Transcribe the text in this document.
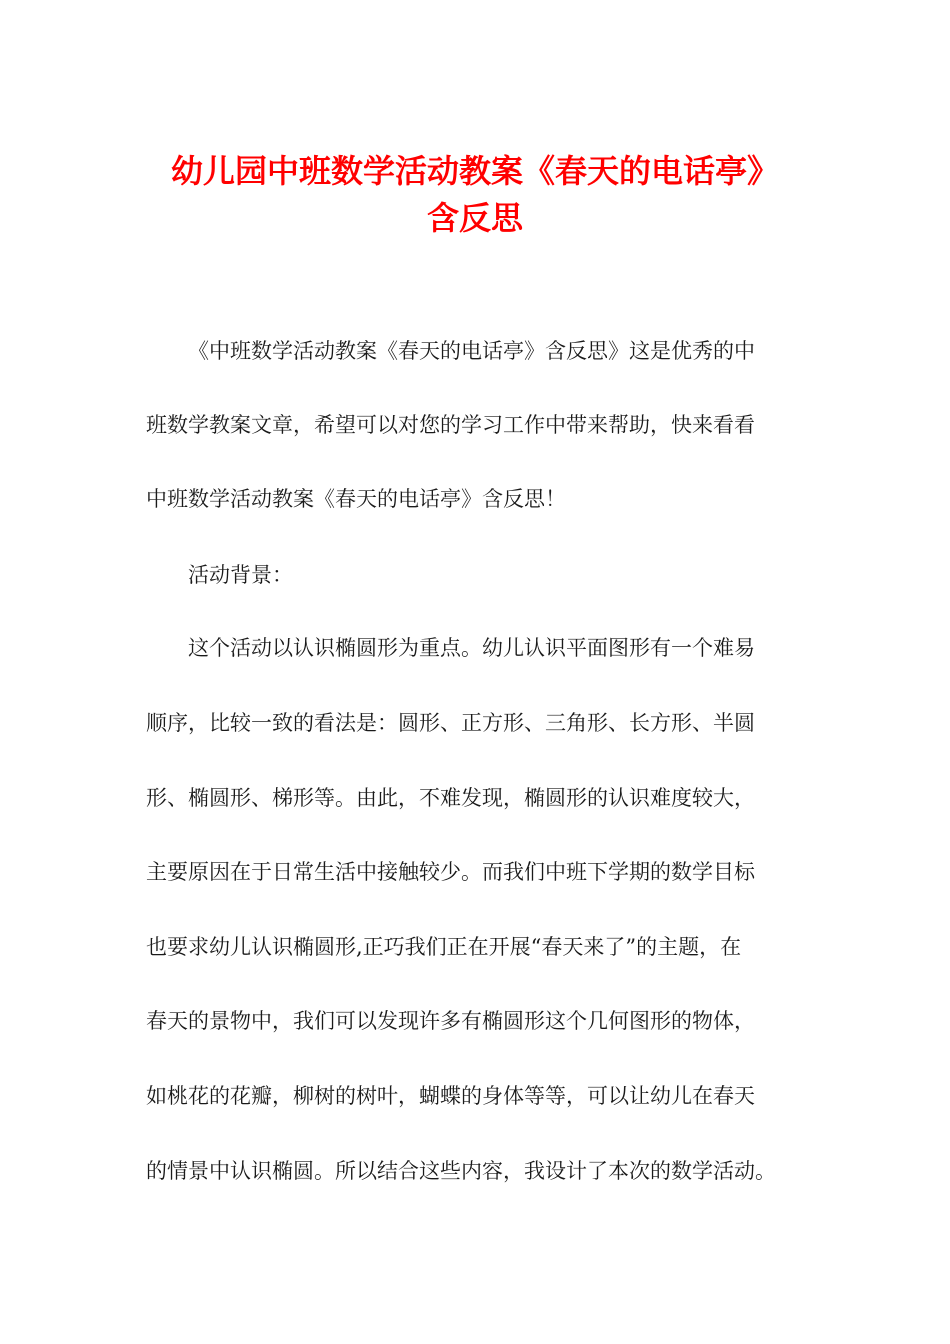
幼儿园中班数学活动教案《春天的电话亭》
含反思

《中班数学活动教案《春天的电话亭》含反思》这是优秀的中

班数学教案文章，希望可以对您的学习工作中带来帮助，快来看看

中班数学活动教案《春天的电话亭》含反思！

活动背景：

这个活动以认识椭圆形为重点。幼儿认识平面图形有一个难易

顺序，比较一致的看法是：圆形、正方形、三角形、长方形、半圆

形、椭圆形、梯形等。由此，不难发现，椭圆形的认识难度较大，

主要原因在于日常生活中接触较少。而我们中班下学期的数学目标

也要求幼儿认识椭圆形,正巧我们正在开展“春天来了”的主题，在

春天的景物中，我们可以发现许多有椭圆形这个几何图形的物体，

如桃花的花瓣，柳树的树叶，蝴蝶的身体等等，可以让幼儿在春天

的情景中认识椭圆。所以结合这些内容，我设计了本次的数学活动。
